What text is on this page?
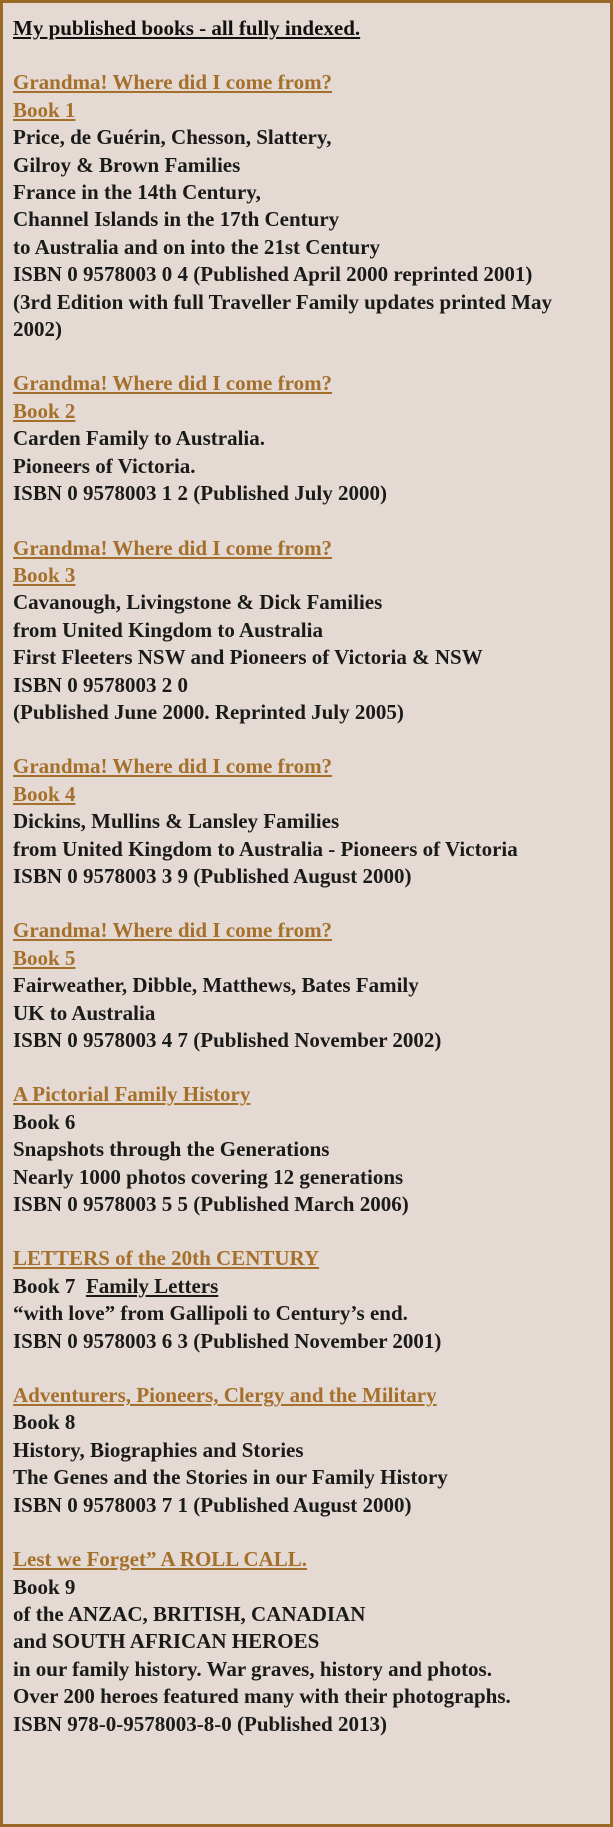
My published books - all fully indexed.
Grandma! Where did I come from?
Book 1
Price, de Guérin, Chesson, Slattery,
Gilroy & Brown Families
France in the 14th Century,
Channel Islands in the 17th Century
to Australia and on into the 21st Century
ISBN 0 9578003 0 4 (Published April 2000 reprinted 2001)
(3rd Edition with full Traveller Family updates printed May 2002)
Grandma! Where did I come from?
Book 2
Carden Family to Australia.
Pioneers of Victoria.
ISBN 0 9578003 1 2 (Published July 2000)
Grandma! Where did I come from?
Book 3
Cavanough, Livingstone & Dick Families
from United Kingdom to Australia
First Fleeters NSW and Pioneers of Victoria & NSW
ISBN 0 9578003 2 0
(Published June 2000. Reprinted July 2005)
Grandma! Where did I come from?
Book 4
Dickins, Mullins & Lansley Families
from United Kingdom to Australia - Pioneers of Victoria
ISBN 0 9578003 3 9 (Published August 2000)
Grandma! Where did I come from?
Book 5
Fairweather, Dibble, Matthews, Bates Family
UK to Australia
ISBN 0 9578003 4 7 (Published November 2002)
A Pictorial Family History
Book 6
Snapshots through the Generations
Nearly 1000 photos covering 12 generations
ISBN 0 9578003 5 5 (Published March 2006)
LETTERS of the 20th CENTURY
Book 7 Family Letters
“with love” from Gallipoli to Century’s end.
ISBN 0 9578003 6 3 (Published November 2001)
Adventurers, Pioneers, Clergy and the Military
Book 8
History, Biographies and Stories
The Genes and the Stories in our Family History
ISBN 0 9578003 7 1 (Published August 2000)
Lest we Forget” A ROLL CALL.
Book 9
of the ANZAC, BRITISH, CANADIAN
and SOUTH AFRICAN HEROES
in our family history. War graves, history and photos.
Over 200 heroes featured many with their photographs.
ISBN 978-0-9578003-8-0 (Published 2013)
